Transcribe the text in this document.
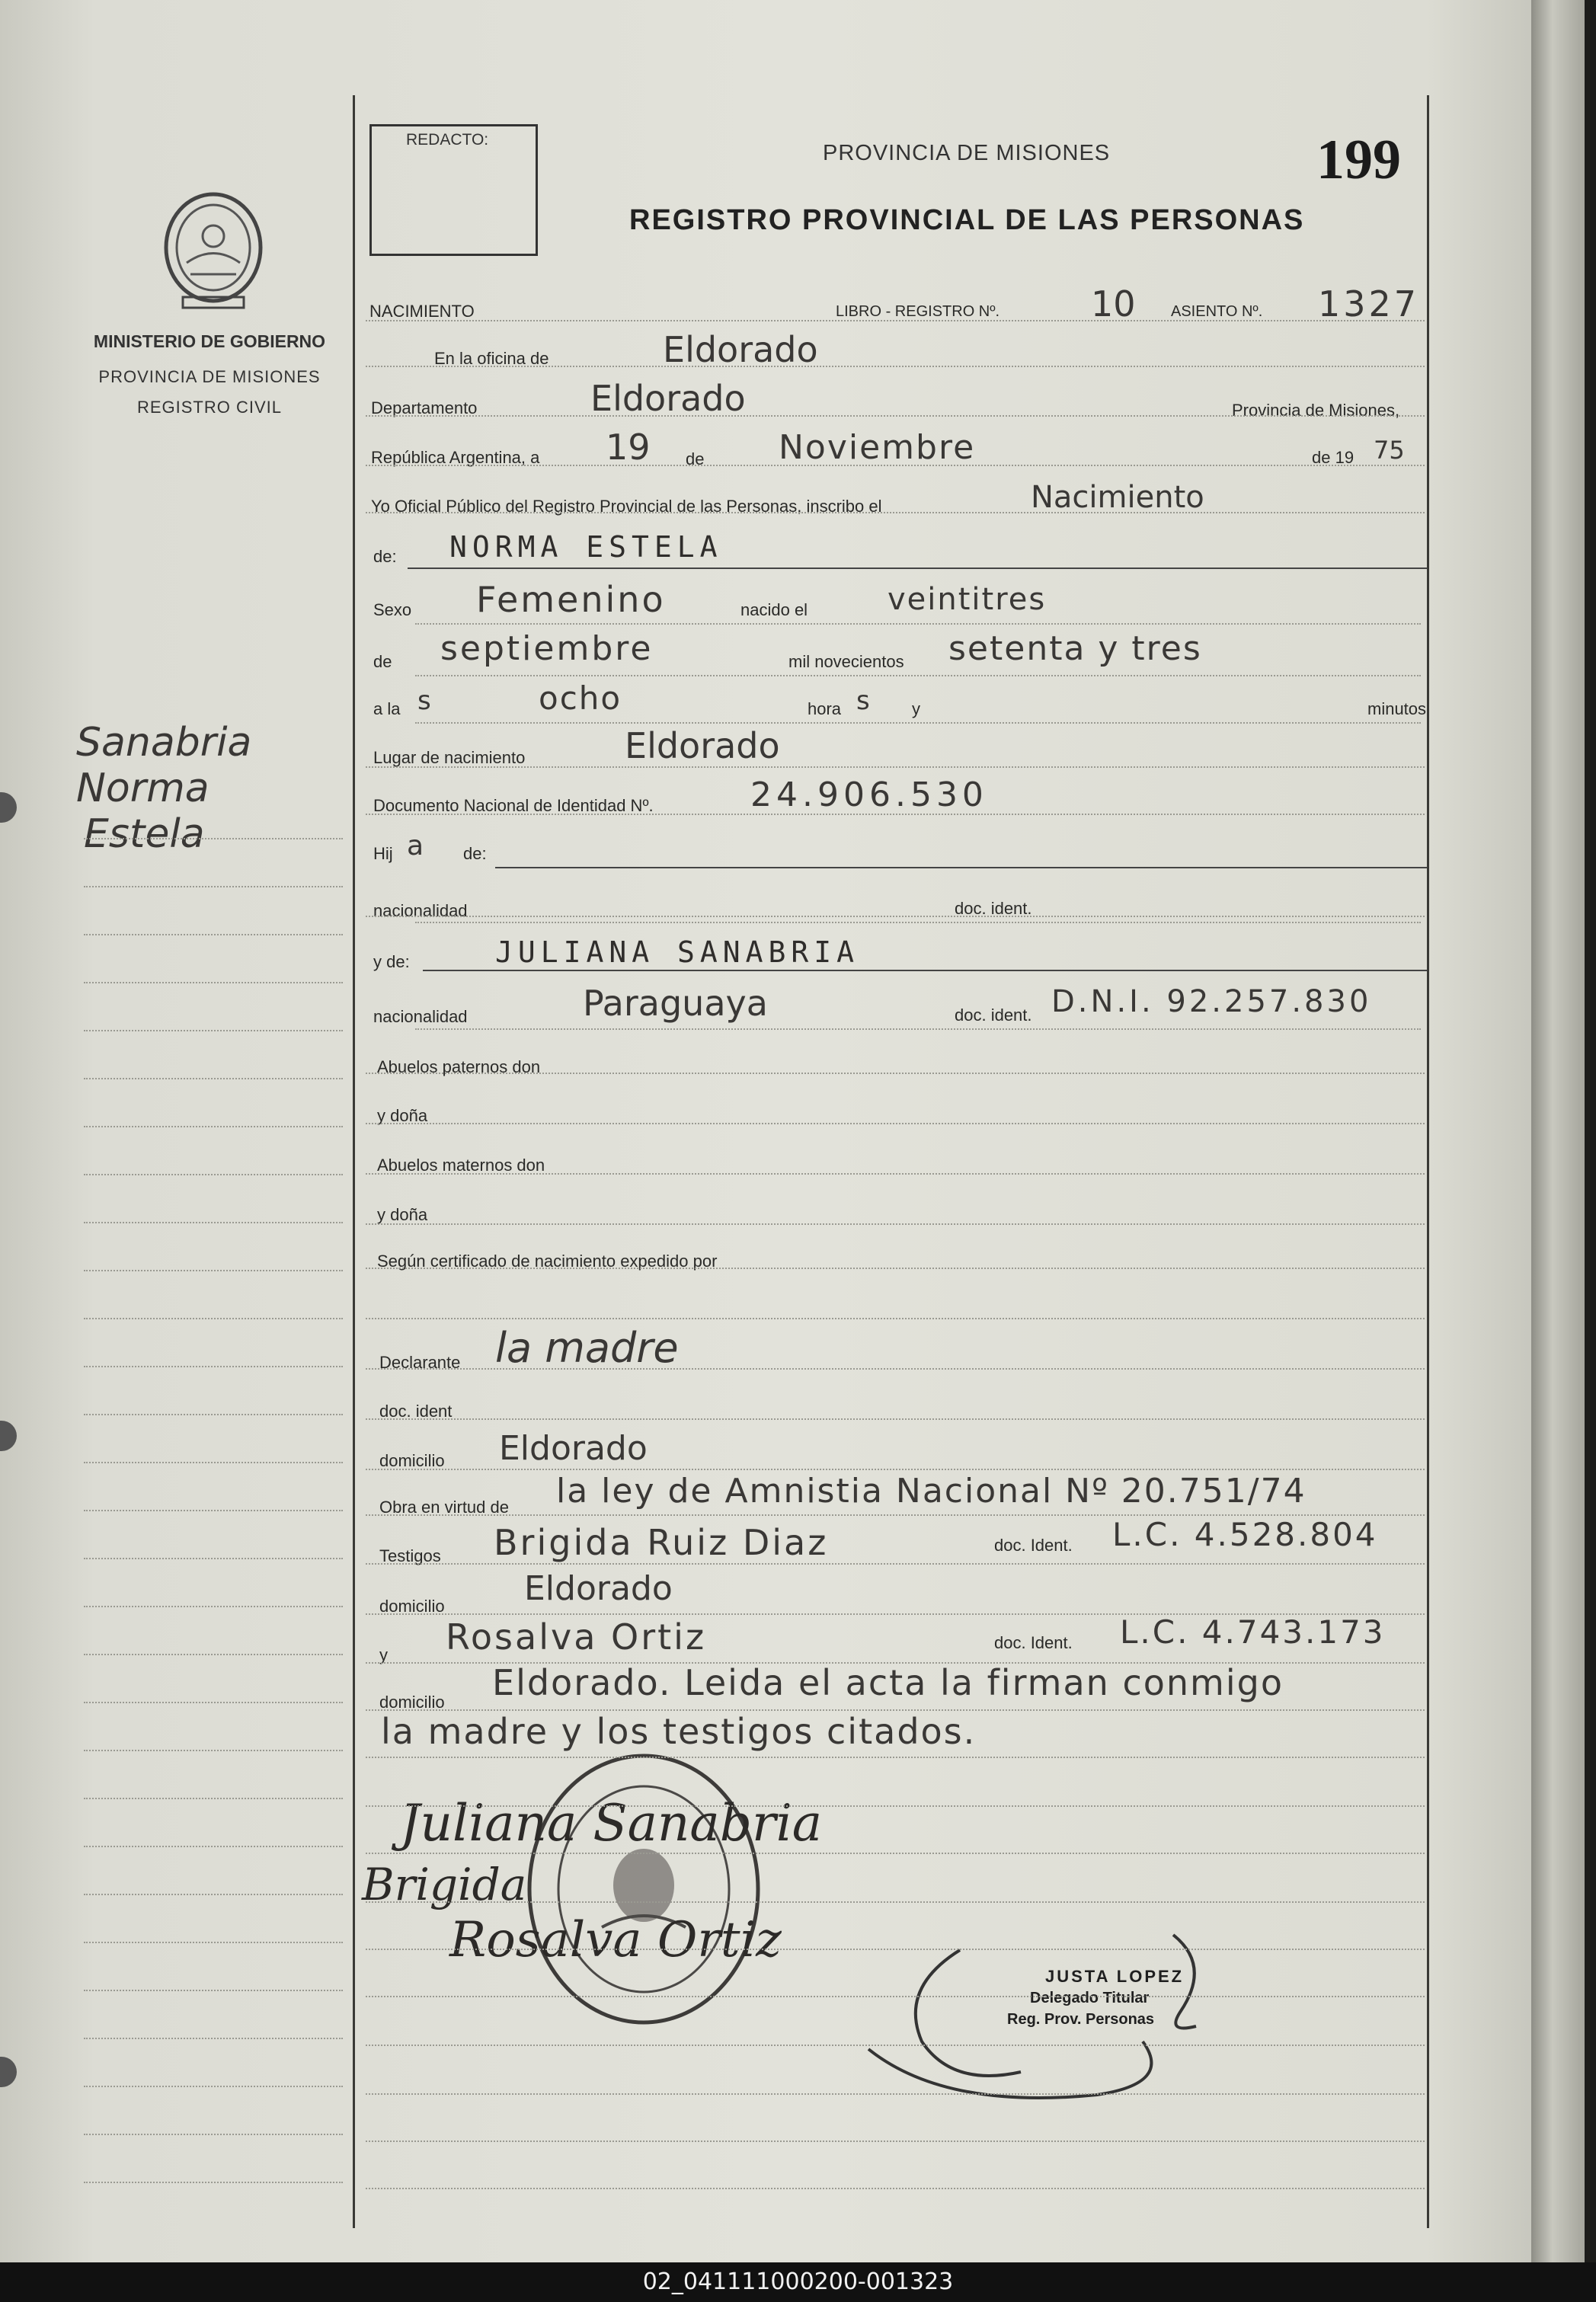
MINISTERIO DE GOBIERNO
PROVINCIA DE MISIONES
REGISTRO CIVIL
Sanabria
Norma
Estela
REDACTO:
PROVINCIA DE MISIONES
REGISTRO PROVINCIAL DE LAS PERSONAS
199
NACIMIENTO	LIBRO - REGISTRO Nº.	10 ASIENTO Nº. 1327
En la oficina de	Eldorado
Departamento	Eldorado	Provincia de Misiones,
República Argentina, a 19 de Noviembre	de 19 75
Yo Oficial Público del Registro Provincial de las Personas, inscribo el	Nacimiento
de: NORMA ESTELA
Sexo Femenino	nacido el	veintitres
de septiembre	mil novecientos setenta y tres
a la s	ocho	hora s	y	minutos
Lugar de nacimiento	Eldorado
Documento Nacional de Identidad Nº.	24.906.530
Hij a de:
nacionalidad	doc. ident.
y de:	JULIANA SANABRIA
nacionalidad	Paraguaya	doc. ident. D.N.I. 92.257.830
Abuelos paternos don
y doña
Abuelos maternos don
y doña
Según certificado de nacimiento expedido por
Declarante la madre
doc. ident
domicilio Eldorado
Obra en virtud de la ley de Amnistia Nacional Nº 20.751/74
Testigos Brigida Ruiz Diaz	doc. Ident. L.C. 4.528.804
domicilio Eldorado
y Rosalva Ortiz	doc. Ident. L.C. 4.743.173
domicilio Eldorado. Leida el acta la firman conmigo
la madre y los testigos citados.
Juliana Sanabria
Brigida
Rosalva Ortiz
JUSTA LOPEZ
Delegado Titular
Reg. Prov. Personas
02_041111000200-001323
